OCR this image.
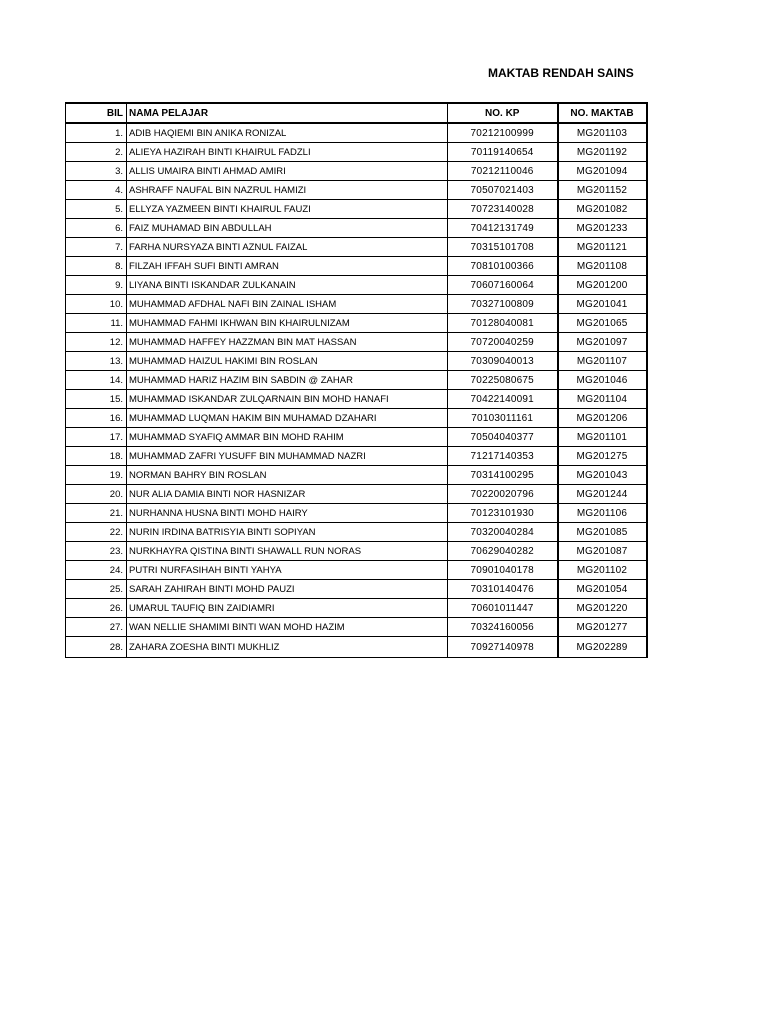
MAKTAB RENDAH SAINS
BIL	NAMA PELAJAR	NO. KP	NO. MAKTAB
1.	ADIB HAQIEMI BIN ANIKA RONIZAL	70212100999	MG201103
2.	ALIEYA HAZIRAH BINTI KHAIRUL FADZLI	70119140654	MG201192
3.	ALLIS UMAIRA BINTI AHMAD AMIRI	70212110046	MG201094
4.	ASHRAFF NAUFAL BIN NAZRUL HAMIZI	70507021403	MG201152
5.	ELLYZA YAZMEEN BINTI KHAIRUL FAUZI	70723140028	MG201082
6.	FAIZ MUHAMAD BIN ABDULLAH	70412131749	MG201233
7.	FARHA NURSYAZA BINTI AZNUL FAIZAL	70315101708	MG201121
8.	FILZAH IFFAH SUFI BINTI AMRAN	70810100366	MG201108
9.	LIYANA BINTI ISKANDAR ZULKANAIN	70607160064	MG201200
10.	MUHAMMAD AFDHAL NAFI BIN ZAINAL ISHAM	70327100809	MG201041
11.	MUHAMMAD FAHMI IKHWAN BIN KHAIRULNIZAM	70128040081	MG201065
12.	MUHAMMAD HAFFEY HAZZMAN BIN MAT HASSAN	70720040259	MG201097
13.	MUHAMMAD HAIZUL HAKIMI BIN ROSLAN	70309040013	MG201107
14.	MUHAMMAD HARIZ HAZIM BIN SABDIN @ ZAHAR	70225080675	MG201046
15.	MUHAMMAD ISKANDAR ZULQARNAIN BIN MOHD HANAFI	70422140091	MG201104
16.	MUHAMMAD LUQMAN HAKIM BIN MUHAMAD DZAHARI	70103011161	MG201206
17.	MUHAMMAD SYAFIQ AMMAR BIN MOHD RAHIM	70504040377	MG201101
18.	MUHAMMAD ZAFRI YUSUFF BIN MUHAMMAD NAZRI	71217140353	MG201275
19.	NORMAN BAHRY BIN ROSLAN	70314100295	MG201043
20.	NUR ALIA DAMIA BINTI NOR HASNIZAR	70220020796	MG201244
21.	NURHANNA HUSNA BINTI MOHD HAIRY	70123101930	MG201106
22.	NURIN IRDINA BATRISYIA BINTI SOPIYAN	70320040284	MG201085
23.	NURKHAYRA QISTINA BINTI SHAWALL RUN NORAS	70629040282	MG201087
24.	PUTRI NURFASIHAH BINTI YAHYA	70901040178	MG201102
25.	SARAH ZAHIRAH BINTI MOHD PAUZI	70310140476	MG201054
26.	UMARUL TAUFIQ BIN ZAIDIAMRI	70601011447	MG201220
27.	WAN NELLIE SHAMIMI BINTI WAN MOHD HAZIM	70324160056	MG201277
28.	ZAHARA ZOESHA BINTI MUKHLIZ	70927140978	MG202289
